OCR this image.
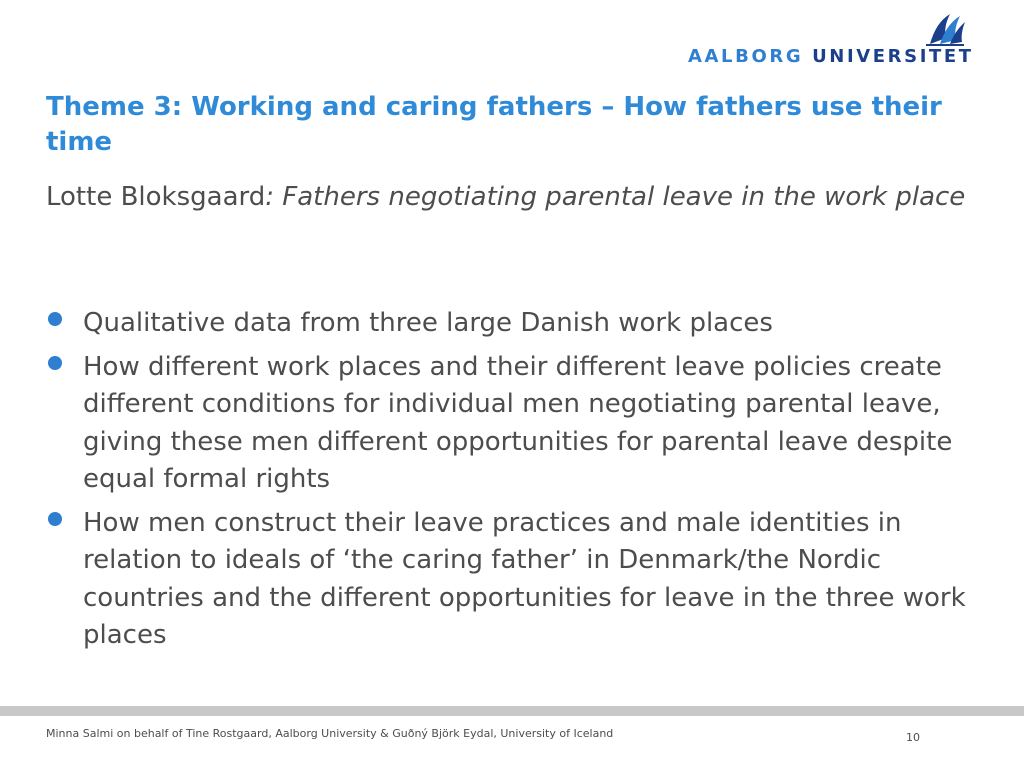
AALBORG UNIVERSITET
Theme 3: Working and caring fathers – How fathers use their time

Lotte Bloksgaard: Fathers negotiating parental leave in the work place

Qualitative data from three large Danish work places
How different work places and their different leave policies create different conditions for individual men negotiating parental leave, giving these men different opportunities for parental leave despite equal formal rights
How men construct their leave practices and male identities in relation to ideals of ‘the caring father’ in Denmark/the Nordic countries and the different opportunities for leave in the three work places
Minna Salmi on behalf of Tine Rostgaard, Aalborg University & Guðný Björk Eydal, University of Iceland	10
